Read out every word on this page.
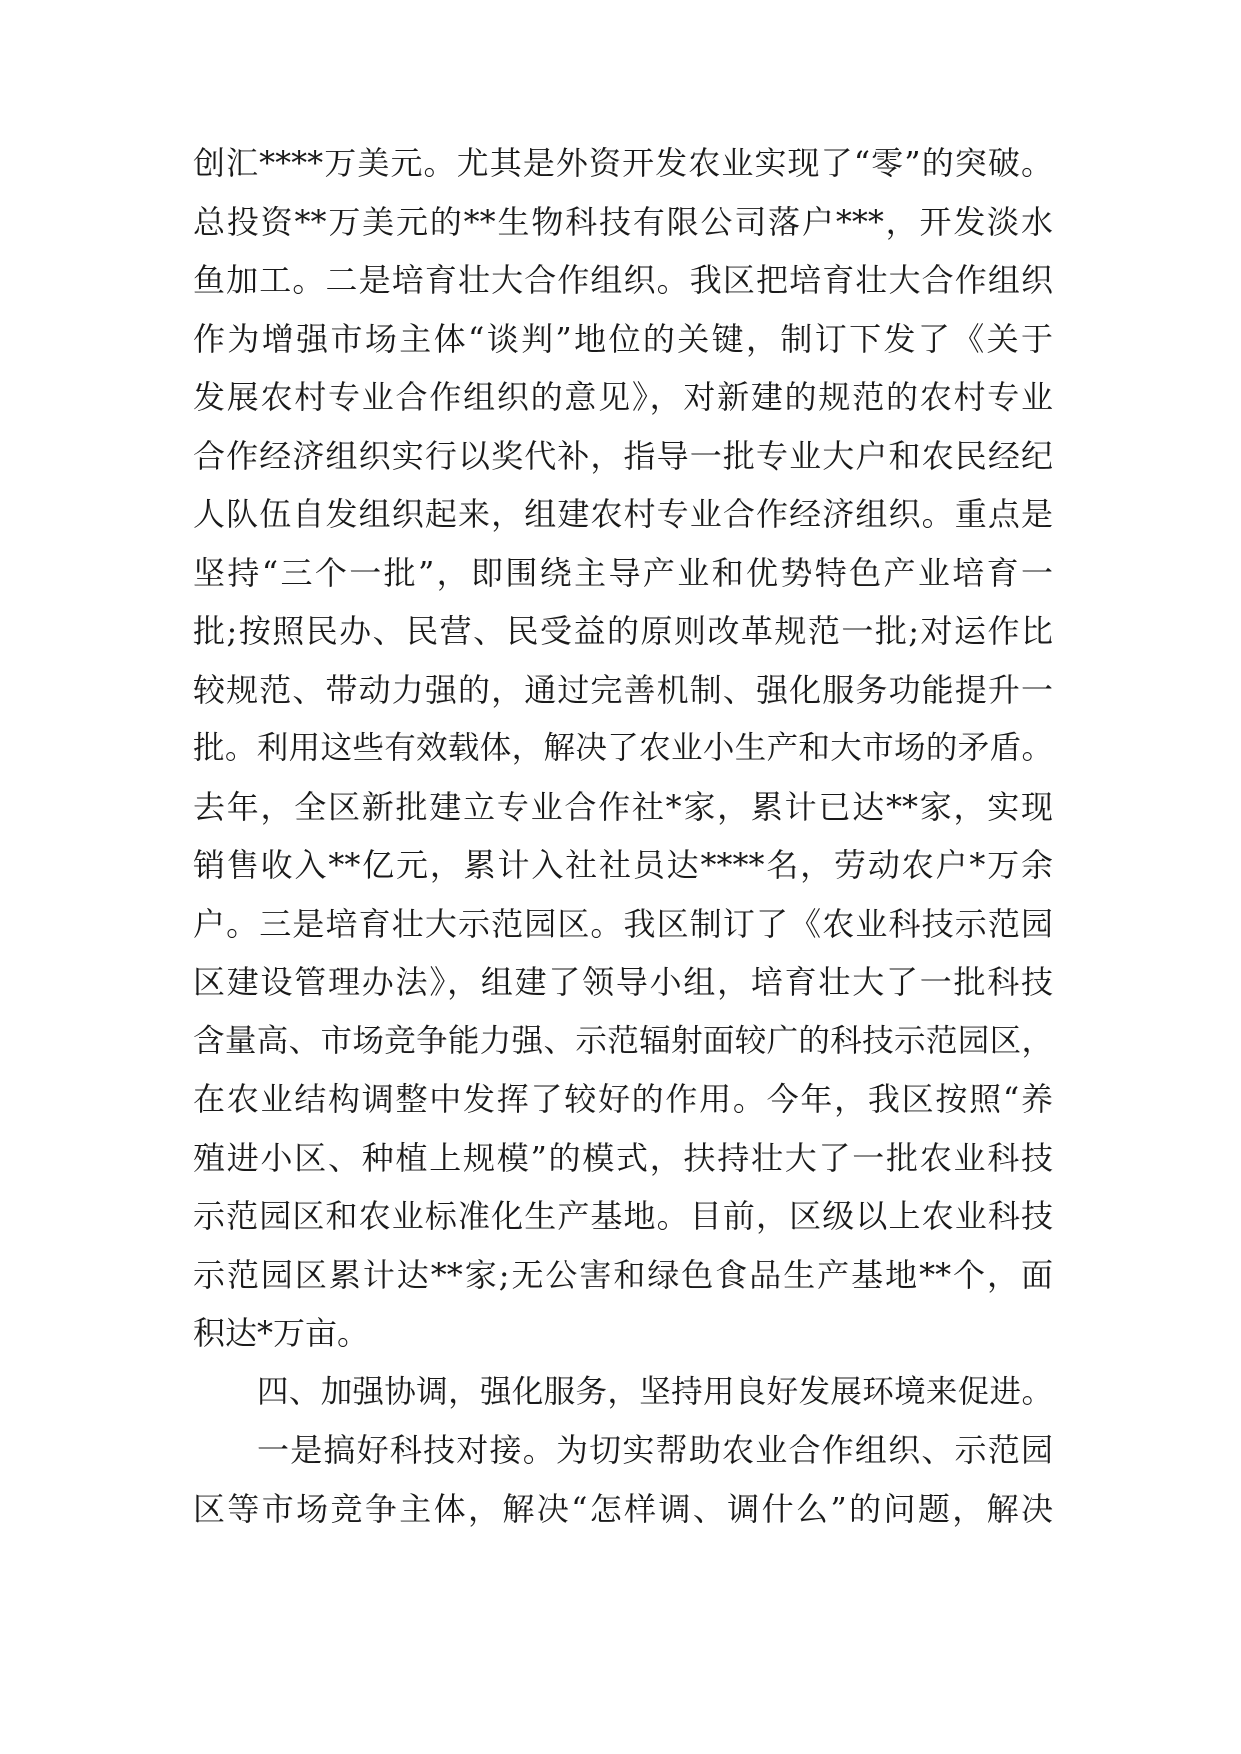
创汇****万美元。尤其是外资开发农业实现了“零”的突破。
总投资**万美元的**生物科技有限公司落户***，开发淡水
鱼加工。二是培育壮大合作组织。我区把培育壮大合作组织
作为增强市场主体“谈判”地位的关键，制订下发了《关于
发展农村专业合作组织的意见》，对新建的规范的农村专业
合作经济组织实行以奖代补，指导一批专业大户和农民经纪
人队伍自发组织起来，组建农村专业合作经济组织。重点是
坚持“三个一批”，即围绕主导产业和优势特色产业培育一
批;按照民办、民营、民受益的原则改革规范一批;对运作比
较规范、带动力强的，通过完善机制、强化服务功能提升一
批。利用这些有效载体，解决了农业小生产和大市场的矛盾。
去年，全区新批建立专业合作社*家，累计已达**家，实现
销售收入**亿元，累计入社社员达****名，劳动农户*万余
户。三是培育壮大示范园区。我区制订了《农业科技示范园
区建设管理办法》，组建了领导小组，培育壮大了一批科技
含量高、市场竞争能力强、示范辐射面较广的科技示范园区，
在农业结构调整中发挥了较好的作用。今年，我区按照“养
殖进小区、种植上规模”的模式，扶持壮大了一批农业科技
示范园区和农业标准化生产基地。目前，区级以上农业科技
示范园区累计达**家;无公害和绿色食品生产基地**个，面
积达*万亩。
四、加强协调，强化服务，坚持用良好发展环境来促进。
一是搞好科技对接。为切实帮助农业合作组织、示范园
区等市场竞争主体，解决“怎样调、调什么”的问题，解决
